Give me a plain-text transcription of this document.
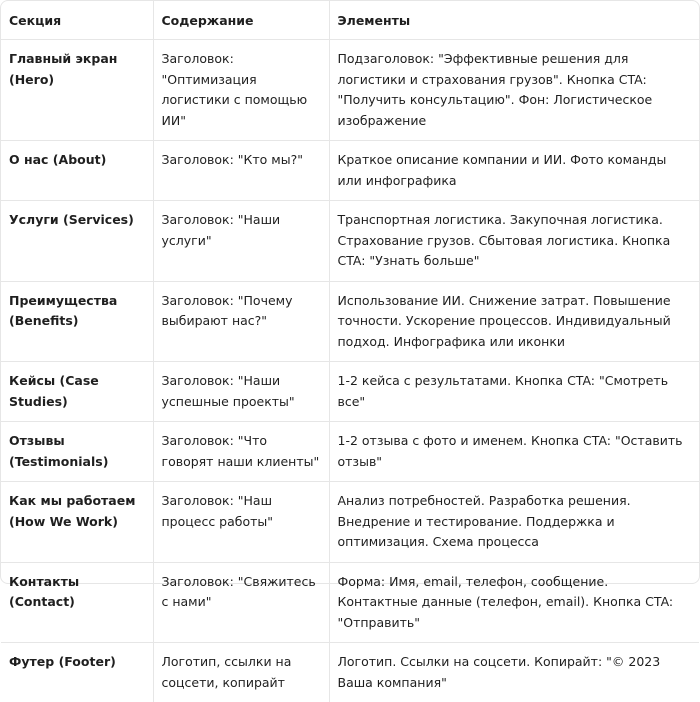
Секция	Содержание	Элементы
Главный экран (Hero)	Заголовок: "Оптимизация логистики с помощью ИИ"	Подзаголовок: "Эффективные решения для логистики и страхования грузов". Кнопка CTA: "Получить консультацию". Фон: Логистическое изображение
О нас (About)	Заголовок: "Кто мы?"	Краткое описание компании и ИИ. Фото команды или инфографика
Услуги (Services)	Заголовок: "Наши услуги"	Транспортная логистика. Закупочная логистика. Страхование грузов. Сбытовая логистика. Кнопка CTA: "Узнать больше"
Преимущества (Benefits)	Заголовок: "Почему выбирают нас?"	Использование ИИ. Снижение затрат. Повышение точности. Ускорение процессов. Индивидуальный подход. Инфографика или иконки
Кейсы (Case Studies)	Заголовок: "Наши успешные проекты"	1-2 кейса с результатами. Кнопка CTA: "Смотреть все"
Отзывы (Testimonials)	Заголовок: "Что говорят наши клиенты"	1-2 отзыва с фото и именем. Кнопка CTA: "Оставить отзыв"
Как мы работаем (How We Work)	Заголовок: "Наш процесс работы"	Анализ потребностей. Разработка решения. Внедрение и тестирование. Поддержка и оптимизация. Схема процесса
Контакты (Contact)	Заголовок: "Свяжитесь с нами"	Форма: Имя, email, телефон, сообщение. Контактные данные (телефон, email). Кнопка CTA: "Отправить"
Футер (Footer)	Логотип, ссылки на соцсети, копирайт	Логотип. Ссылки на соцсети. Копирайт: "© 2023 Ваша компания"
